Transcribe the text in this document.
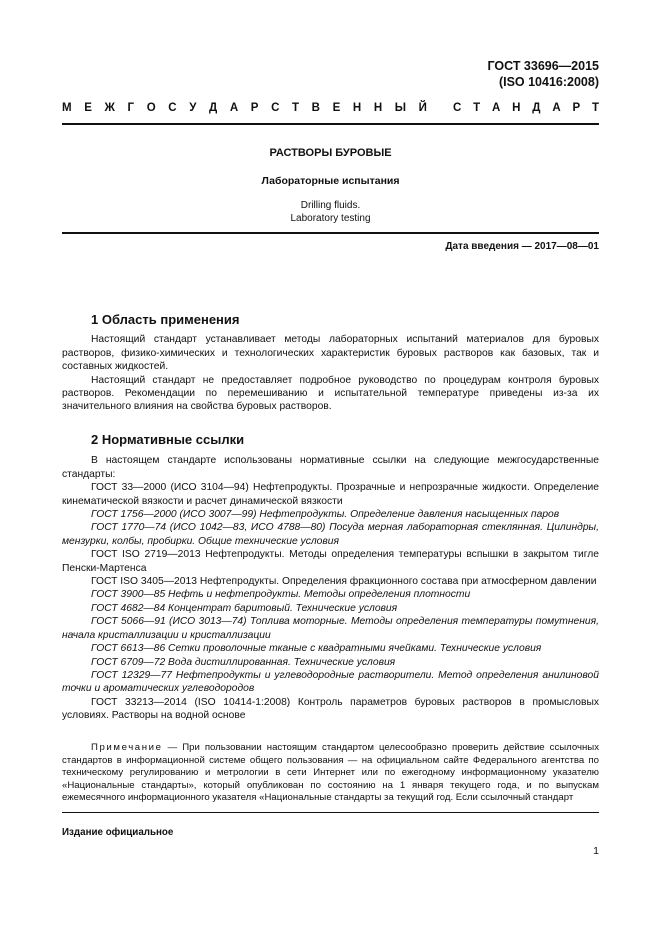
ГОСТ 33696—2015
(ISO 10416:2008)
М Е Ж Г О С У Д А Р С Т В Е Н Н Ы Й С Т А Н Д А Р Т
РАСТВОРЫ БУРОВЫЕ
Лабораторные испытания
Drilling fluids.
Laboratory testing
Дата введения — 2017—08—01
1 Область применения

Настоящий стандарт устанавливает методы лабораторных испытаний материалов для буровых растворов, физико-химических и технологических характеристик буровых растворов как базовых, так и составных жидкостей.

Настоящий стандарт не предоставляет подробное руководство по процедурам контроля буровых растворов. Рекомендации по перемешиванию и испытательной температуре приведены из-за их значительного влияния на свойства буровых растворов.

2 Нормативные ссылки

В настоящем стандарте использованы нормативные ссылки на следующие межгосударственные стандарты:

ГОСТ 33—2000 (ИСО 3104—94) Нефтепродукты. Прозрачные и непрозрачные жидкости. Определение кинематической вязкости и расчет динамической вязкости

ГОСТ 1756—2000 (ИСО 3007—99) Нефтепродукты. Определение давления насыщенных паров

ГОСТ 1770—74 (ИСО 1042—83, ИСО 4788—80) Посуда мерная лабораторная стеклянная. Цилиндры, мензурки, колбы, пробирки. Общие технические условия

ГОСТ ISO 2719—2013 Нефтепродукты. Методы определения температуры вспышки в закрытом тигле Пенски-Мартенса

ГОСТ ISO 3405—2013 Нефтепродукты. Определения фракционного состава при атмосферном давлении

ГОСТ 3900—85 Нефть и нефтепродукты. Методы определения плотности

ГОСТ 4682—84 Концентрат баритовый. Технические условия

ГОСТ 5066—91 (ИСО 3013—74) Топлива моторные. Методы определения температуры помутнения, начала кристаллизации и кристаллизации

ГОСТ 6613—86 Сетки проволочные тканые с квадратными ячейками. Технические условия

ГОСТ 6709—72 Вода дистиллированная. Технические условия

ГОСТ 12329—77 Нефтепродукты и углеводородные растворители. Метод определения анилиновой точки и ароматических углеводородов

ГОСТ 33213—2014 (ISO 10414-1:2008) Контроль параметров буровых растворов в промысловых условиях. Растворы на водной основе

Примечание — При пользовании настоящим стандартом целесообразно проверить действие ссылочных стандартов в информационной системе общего пользования — на официальном сайте Федерального агентства по техническому регулированию и метрологии в сети Интернет или по ежегодному информационному указателю «Национальные стандарты», который опубликован по состоянию на 1 января текущего года, и по выпускам ежемесячного информационного указателя «Национальные стандарты за текущий год. Если ссылочный стандарт
Издание официальное
1
